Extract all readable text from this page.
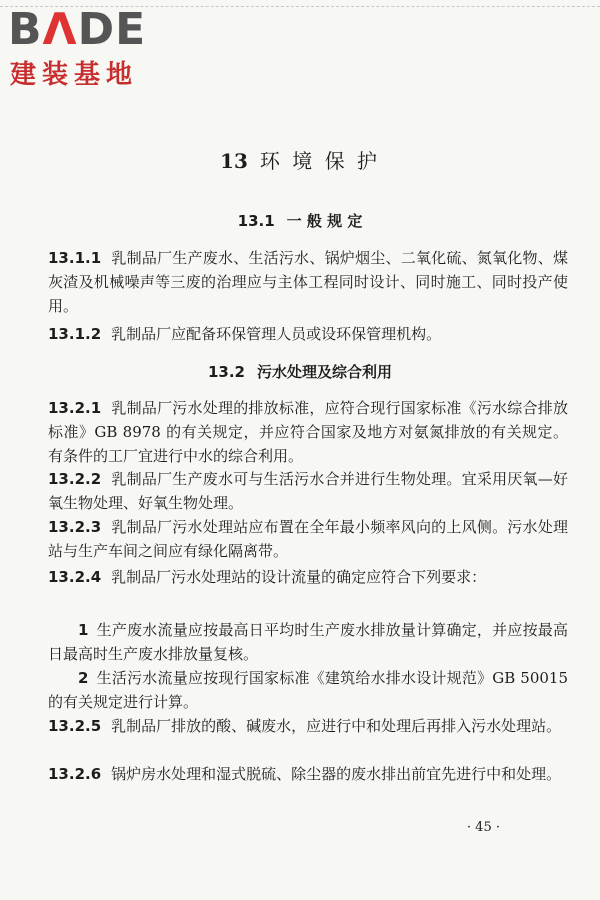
BΛDE
建装基地
13 环 境 保 护
13.1 一 般 规 定
13.1.1 乳制品厂生产废水、生活污水、锅炉烟尘、二氧化硫、氮氧化物、煤灰渣及机械噪声等三废的治理应与主体工程同时设计、同时施工、同时投产使用。
13.1.2 乳制品厂应配备环保管理人员或设环保管理机构。
13.2 污水处理及综合利用
13.2.1 乳制品厂污水处理的排放标准，应符合现行国家标准《污水综合排放标准》GB 8978 的有关规定，并应符合国家及地方对氨氮排放的有关规定。有条件的工厂宜进行中水的综合利用。
13.2.2 乳制品厂生产废水可与生活污水合并进行生物处理。宜采用厌氧—好氧生物处理、好氧生物处理。
13.2.3 乳制品厂污水处理站应布置在全年最小频率风向的上风侧。污水处理站与生产车间之间应有绿化隔离带。
13.2.4 乳制品厂污水处理站的设计流量的确定应符合下列要求：
1 生产废水流量应按最高日平均时生产废水排放量计算确定，并应按最高日最高时生产废水排放量复核。
2 生活污水流量应按现行国家标准《建筑给水排水设计规范》GB 50015 的有关规定进行计算。
13.2.5 乳制品厂排放的酸、碱废水，应进行中和处理后再排入污水处理站。
13.2.6 锅炉房水处理和湿式脱硫、除尘器的废水排出前宜先进行中和处理。
· 45 ·
